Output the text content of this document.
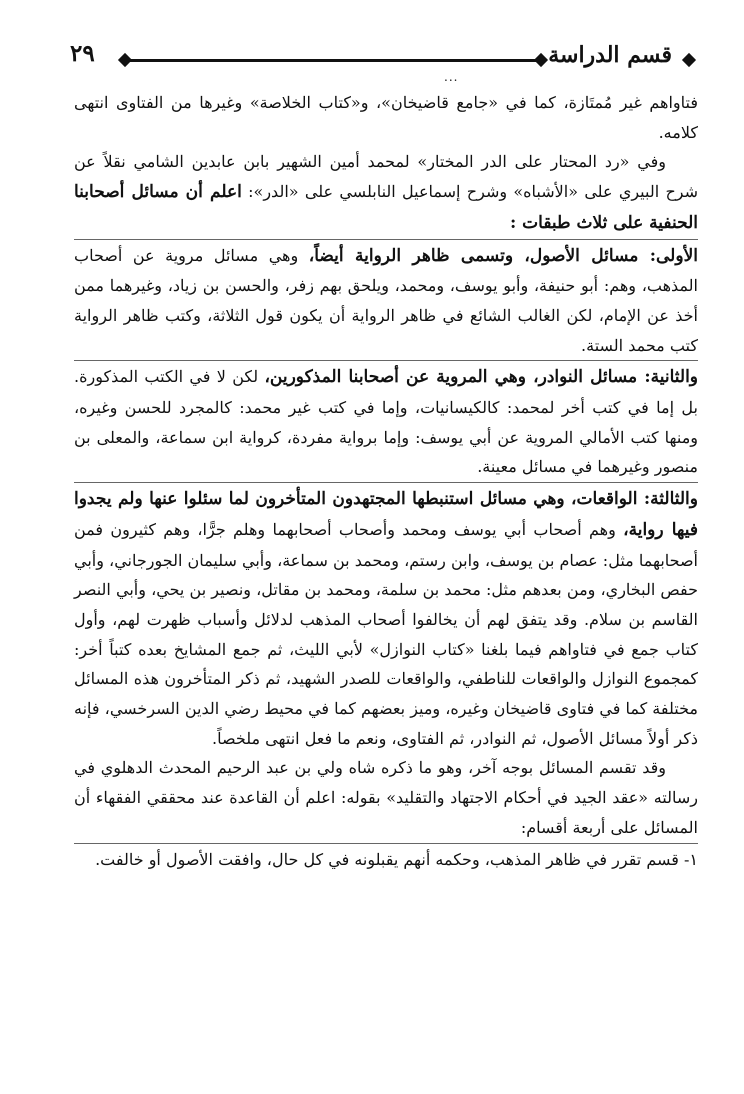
قسم الدراسة
٢٩
...

فتاواهم غير مُمتَازة، كما في «جامع قاضيخان»، و«كتاب الخلاصة» وغيرها من الفتاوى انتهى كلامه.

وفي «رد المحتار على الدر المختار» لمحمد أمين الشهير بابن عابدين الشامي نقلاً عن شرح البيري على «الأشباه» وشرح إسماعيل النابلسي على «الدر»: اعلم أن مسائل أصحابنا الحنفية على ثلاث طبقات :

الأولى: مسائل الأصول، وتسمى ظاهر الرواية أيضاً، وهي مسائل مروية عن أصحاب المذهب، وهم: أبو حنيفة، وأبو يوسف، ومحمد، ويلحق بهم زفر، والحسن بن زياد، وغيرهما ممن أخذ عن الإمام، لكن الغالب الشائع في ظاهر الرواية أن يكون قول الثلاثة، وكتب ظاهر الرواية كتب محمد الستة.

والثانية: مسائل النوادر، وهي المروية عن أصحابنا المذكورين، لكن لا في الكتب المذكورة. بل إما في كتب أخر لمحمد: كالكيسانيات، وإما في كتب غير محمد: كالمجرد للحسن وغيره، ومنها كتب الأمالي المروية عن أبي يوسف: وإما برواية مفردة، كرواية ابن سماعة، والمعلى بن منصور وغيرهما في مسائل معينة.

والثالثة: الواقعات، وهي مسائل استنبطها المجتهدون المتأخرون لما سئلوا عنها ولم يجدوا فيها رواية، وهم أصحاب أبي يوسف ومحمد وأصحاب أصحابهما وهلم جرًّا، وهم كثيرون فمن أصحابهما مثل: عصام بن يوسف، وابن رستم، ومحمد بن سماعة، وأبي سليمان الجورجاني، وأبي حفص البخاري، ومن بعدهم مثل: محمد بن سلمة، ومحمد بن مقاتل، ونصير بن يحي، وأبي النصر القاسم بن سلام. وقد يتفق لهم أن يخالفوا أصحاب المذهب لدلائل وأسباب ظهرت لهم، وأول كتاب جمع في فتاواهم فيما بلغنا «كتاب النوازل» لأبي الليث، ثم جمع المشايخ بعده كتباً أخر: كمجموع النوازل والواقعات للناطفي، والواقعات للصدر الشهيد، ثم ذكر المتأخرون هذه المسائل مختلفة كما في فتاوى قاضيخان وغيره، وميز بعضهم كما في محيط رضي الدين السرخسي، فإنه ذكر أولاً مسائل الأصول، ثم النوادر، ثم الفتاوى، ونعم ما فعل انتهى ملخصاً.

وقد تقسم المسائل بوجه آخر، وهو ما ذكره شاه ولي بن عبد الرحيم المحدث الدهلوي في رسالته «عقد الجيد في أحكام الاجتهاد والتقليد» بقوله: اعلم أن القاعدة عند محققي الفقهاء أن المسائل على أربعة أقسام:

١- قسم تقرر في ظاهر المذهب، وحكمه أنهم يقبلونه في كل حال، وافقت الأصول أو خالفت.
